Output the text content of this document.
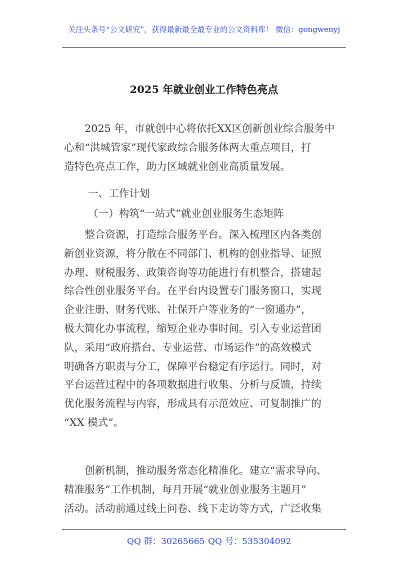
关注头条号“公文研究”，获得最新最全最专业的公文资料库！ 微信：gongwenyj
2025 年就业创业工作特色亮点
2025 年，市就创中心将依托XX区创新创业综合服务中
心和“洪城管家”现代家政综合服务体两大重点项目，打
造特色亮点工作，助力区域就业创业高质量发展。
一、工作计划
（一）构筑“一站式”就业创业服务生态矩阵
整合资源，打造综合服务平台。深入梳理区内各类创
新创业资源，将分散在不同部门、机构的创业指导、证照
办理、财税服务、政策咨询等功能进行有机整合，搭建起
综合性创业服务平台。在平台内设置专门服务窗口，实现
企业注册、财务代账、社保开户等业务的“一窗通办”，
极大简化办事流程，缩短企业办事时间。引入专业运营团
队，采用“政府搭台、专业运营、市场运作”的高效模式
明确各方职责与分工，保障平台稳定有序运行。同时，对
平台运营过程中的各项数据进行收集、分析与反馈，持续
优化服务流程与内容，形成具有示范效应、可复制推广的
“XX 模式”。
创新机制，推动服务常态化精准化。建立“需求导向、
精准服务”工作机制，每月开展“就业创业服务主题月”
活动。活动前通过线上问卷、线下走访等方式，广泛收集
QQ 群：30265665 QQ 号：535304092
